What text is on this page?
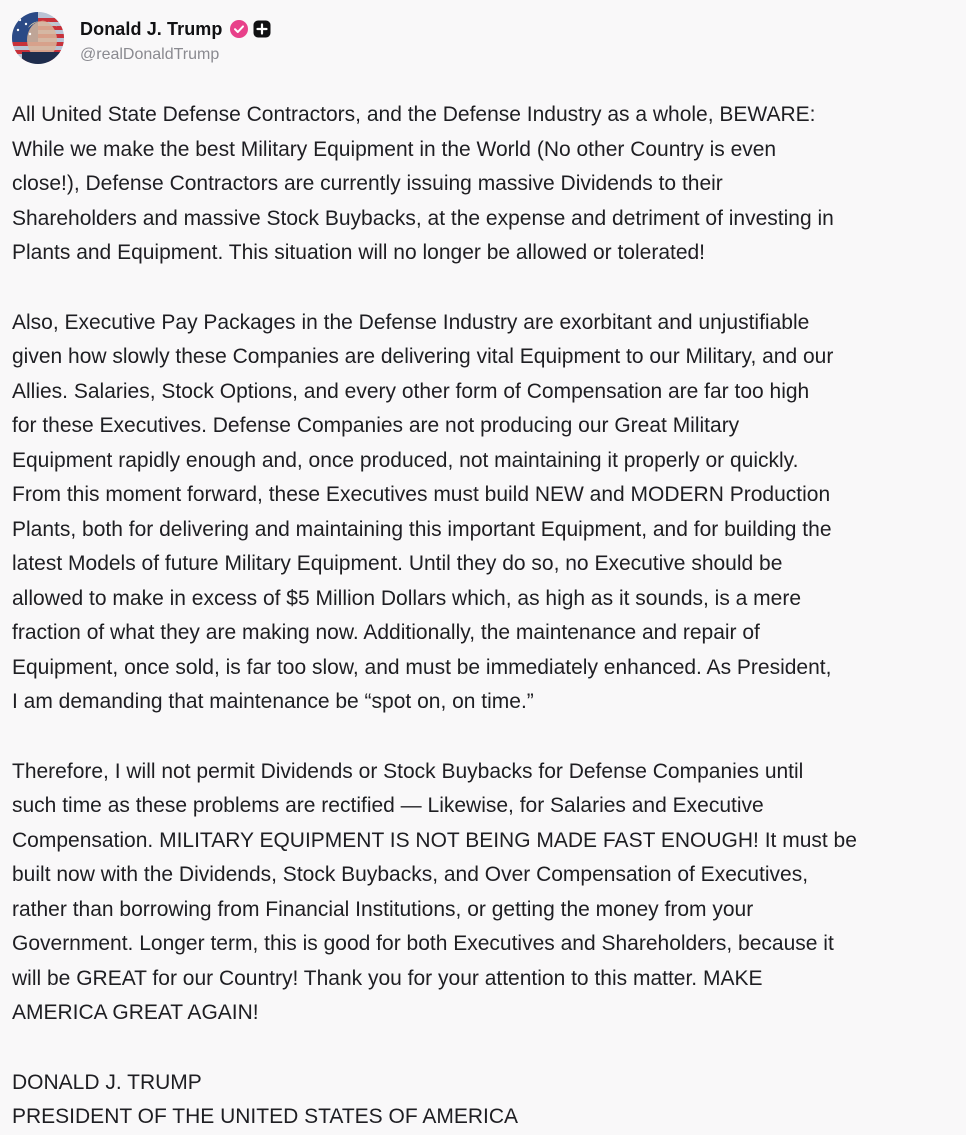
Donald J. Trump
@realDonaldTrump

All United State Defense Contractors, and the Defense Industry as a whole, BEWARE:
While we make the best Military Equipment in the World (No other Country is even
close!), Defense Contractors are currently issuing massive Dividends to their
Shareholders and massive Stock Buybacks, at the expense and detriment of investing in
Plants and Equipment. This situation will no longer be allowed or tolerated!

Also, Executive Pay Packages in the Defense Industry are exorbitant and unjustifiable
given how slowly these Companies are delivering vital Equipment to our Military, and our
Allies. Salaries, Stock Options, and every other form of Compensation are far too high
for these Executives. Defense Companies are not producing our Great Military
Equipment rapidly enough and, once produced, not maintaining it properly or quickly.
From this moment forward, these Executives must build NEW and MODERN Production
Plants, both for delivering and maintaining this important Equipment, and for building the
latest Models of future Military Equipment. Until they do so, no Executive should be
allowed to make in excess of $5 Million Dollars which, as high as it sounds, is a mere
fraction of what they are making now. Additionally, the maintenance and repair of
Equipment, once sold, is far too slow, and must be immediately enhanced. As President,
I am demanding that maintenance be “spot on, on time.”

Therefore, I will not permit Dividends or Stock Buybacks for Defense Companies until
such time as these problems are rectified — Likewise, for Salaries and Executive
Compensation. MILITARY EQUIPMENT IS NOT BEING MADE FAST ENOUGH! It must be
built now with the Dividends, Stock Buybacks, and Over Compensation of Executives,
rather than borrowing from Financial Institutions, or getting the money from your
Government. Longer term, this is good for both Executives and Shareholders, because it
will be GREAT for our Country! Thank you for your attention to this matter. MAKE
AMERICA GREAT AGAIN!

DONALD J. TRUMP

PRESIDENT OF THE UNITED STATES OF AMERICA
